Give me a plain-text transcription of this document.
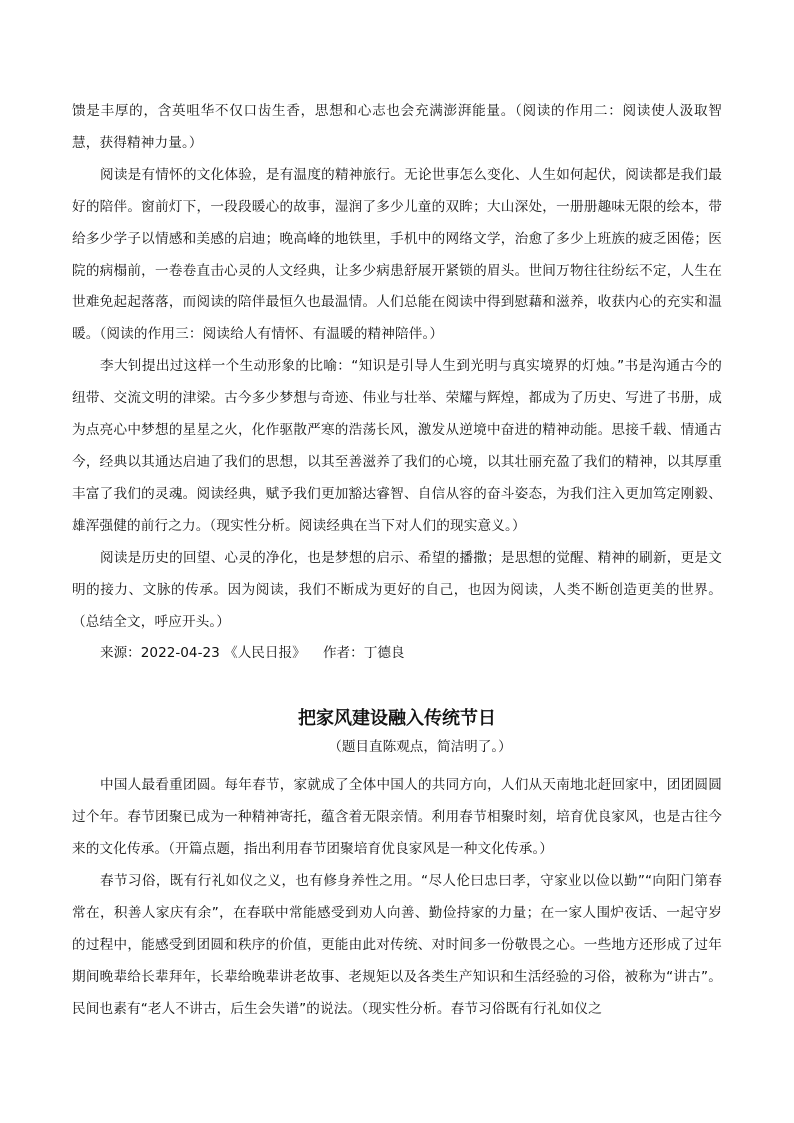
馈是丰厚的，含英咀华不仅口齿生香，思想和心志也会充满澎湃能量。（阅读的作用二：阅读使人汲取智慧，获得精神力量。）

阅读是有情怀的文化体验，是有温度的精神旅行。无论世事怎么变化、人生如何起伏，阅读都是我们最好的陪伴。窗前灯下，一段段暖心的故事，湿润了多少儿童的双眸；大山深处，一册册趣味无限的绘本，带给多少学子以情感和美感的启迪；晚高峰的地铁里，手机中的网络文学，治愈了多少上班族的疲乏困倦；医院的病榻前，一卷卷直击心灵的人文经典，让多少病患舒展开紧锁的眉头。世间万物往往纷纭不定，人生在世难免起起落落，而阅读的陪伴最恒久也最温情。人们总能在阅读中得到慰藉和滋养，收获内心的充实和温暖。（阅读的作用三：阅读给人有情怀、有温暖的精神陪伴。）

李大钊提出过这样一个生动形象的比喻：“知识是引导人生到光明与真实境界的灯烛。”书是沟通古今的纽带、交流文明的津梁。古今多少梦想与奇迹、伟业与壮举、荣耀与辉煌，都成为了历史、写进了书册，成为点亮心中梦想的星星之火，化作驱散严寒的浩荡长风，激发从逆境中奋进的精神动能。思接千载、情通古今，经典以其通达启迪了我们的思想，以其至善滋养了我们的心境，以其壮丽充盈了我们的精神，以其厚重丰富了我们的灵魂。阅读经典，赋予我们更加豁达睿智、自信从容的奋斗姿态，为我们注入更加笃定刚毅、雄浑强健的前行之力。（现实性分析。阅读经典在当下对人们的现实意义。）

阅读是历史的回望、心灵的净化，也是梦想的启示、希望的播撒；是思想的觉醒、精神的刷新，更是文明的接力、文脉的传承。因为阅读，我们不断成为更好的自己，也因为阅读，人类不断创造更美的世界。（总结全文，呼应开头。）

来源：2022-04-23 《人民日报》    作者：丁德良

把家风建设融入传统节日

（题目直陈观点，简洁明了。）

中国人最看重团圆。每年春节，家就成了全体中国人的共同方向，人们从天南地北赶回家中，团团圆圆过个年。春节团聚已成为一种精神寄托，蕴含着无限亲情。利用春节相聚时刻，培育优良家风，也是古往今来的文化传承。（开篇点题，指出利用春节团聚培育优良家风是一种文化传承。）

春节习俗，既有行礼如仪之义，也有修身养性之用。“尽人伦曰忠曰孝，守家业以俭以勤”“向阳门第春常在，积善人家庆有余”，在春联中常能感受到劝人向善、勤俭持家的力量；在一家人围炉夜话、一起守岁的过程中，能感受到团圆和秩序的价值，更能由此对传统、对时间多一份敬畏之心。一些地方还形成了过年期间晚辈给长辈拜年，长辈给晚辈讲老故事、老规矩以及各类生产知识和生活经验的习俗，被称为“讲古”。民间也素有“老人不讲古，后生会失谱”的说法。（现实性分析。春节习俗既有行礼如仪之
